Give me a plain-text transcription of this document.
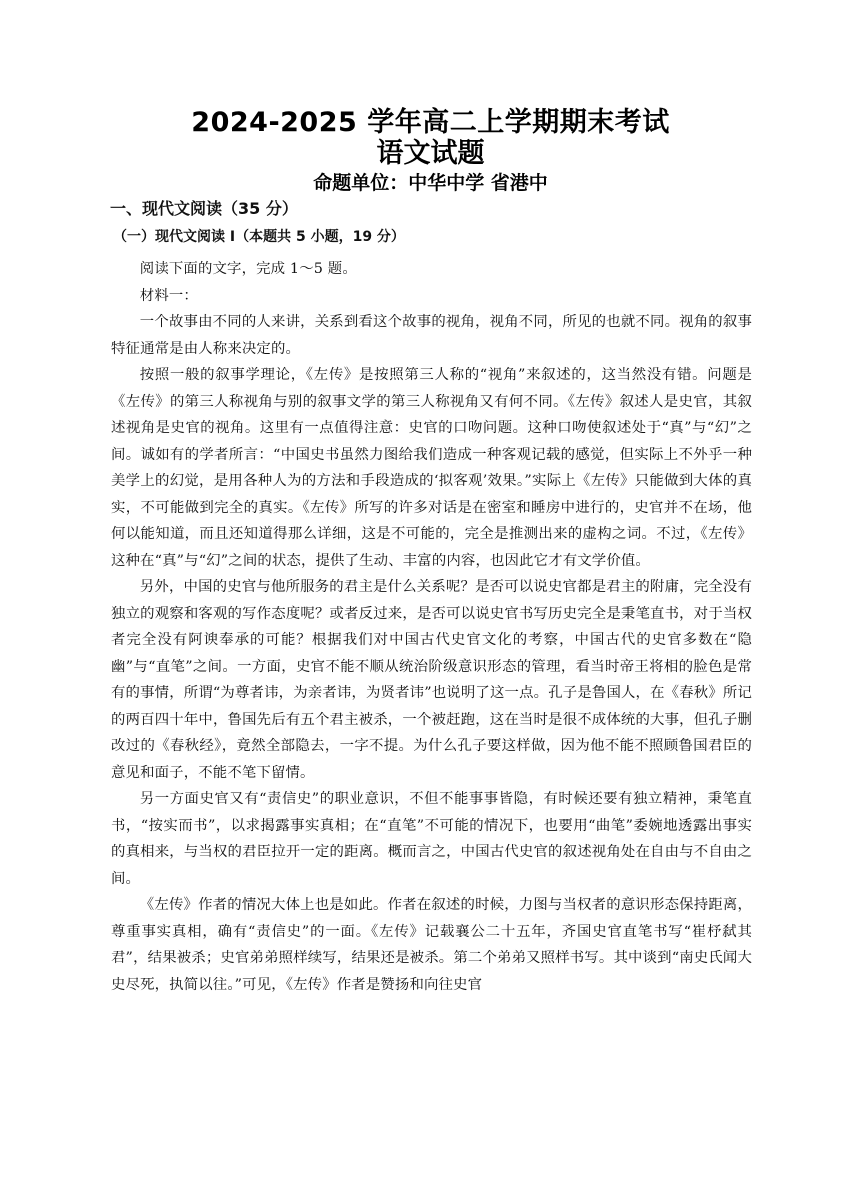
2024-2025 学年高二上学期期末考试
语文试题
命题单位：中华中学 省港中
一、现代文阅读（35 分）
（一）现代文阅读 I（本题共 5 小题，19 分）

阅读下面的文字，完成 1～5 题。

材料一：

一个故事由不同的人来讲，关系到看这个故事的视角，视角不同，所见的也就不同。视角的叙事特征通常是由人称来决定的。

按照一般的叙事学理论，《左传》是按照第三人称的“视角”来叙述的，这当然没有错。问题是《左传》的第三人称视角与别的叙事文学的第三人称视角又有何不同。《左传》叙述人是史官，其叙述视角是史官的视角。这里有一点值得注意：史官的口吻问题。这种口吻使叙述处于“真”与“幻”之间。诚如有的学者所言：“中国史书虽然力图给我们造成一种客观记载的感觉，但实际上不外乎一种美学上的幻觉，是用各种人为的方法和手段造成的‘拟客观’效果。”实际上《左传》只能做到大体的真实，不可能做到完全的真实。《左传》所写的许多对话是在密室和睡房中进行的，史官并不在场，他何以能知道，而且还知道得那么详细，这是不可能的，完全是推测出来的虚构之词。不过，《左传》这种在“真”与“幻”之间的状态，提供了生动、丰富的内容，也因此它才有文学价值。

另外，中国的史官与他所服务的君主是什么关系呢？是否可以说史官都是君主的附庸，完全没有独立的观察和客观的写作态度呢？或者反过来，是否可以说史官书写历史完全是秉笔直书，对于当权者完全没有阿谀奉承的可能？根据我们对中国古代史官文化的考察，中国古代的史官多数在“隐幽”与“直笔”之间。一方面，史官不能不顺从统治阶级意识形态的管理，看当时帝王将相的脸色是常有的事情，所谓“为尊者讳，为亲者讳，为贤者讳”也说明了这一点。孔子是鲁国人，在《春秋》所记的两百四十年中，鲁国先后有五个君主被杀，一个被赶跑，这在当时是很不成体统的大事，但孔子删改过的《春秋经》，竟然全部隐去，一字不提。为什么孔子要这样做，因为他不能不照顾鲁国君臣的意见和面子，不能不笔下留情。

另一方面史官又有“责信史”的职业意识，不但不能事事皆隐，有时候还要有独立精神，秉笔直书，“按实而书”，以求揭露事实真相；在“直笔”不可能的情况下，也要用“曲笔”委婉地透露出事实的真相来，与当权的君臣拉开一定的距离。概而言之，中国古代史官的叙述视角处在自由与不自由之间。

《左传》作者的情况大体上也是如此。作者在叙述的时候，力图与当权者的意识形态保持距离，尊重事实真相，确有“责信史”的一面。《左传》记载襄公二十五年，齐国史官直笔书写“崔杼弑其君”，结果被杀；史官弟弟照样续写，结果还是被杀。第二个弟弟又照样书写。其中谈到“南史氏闻大史尽死，执简以往。”可见，《左传》作者是赞扬和向往史官
